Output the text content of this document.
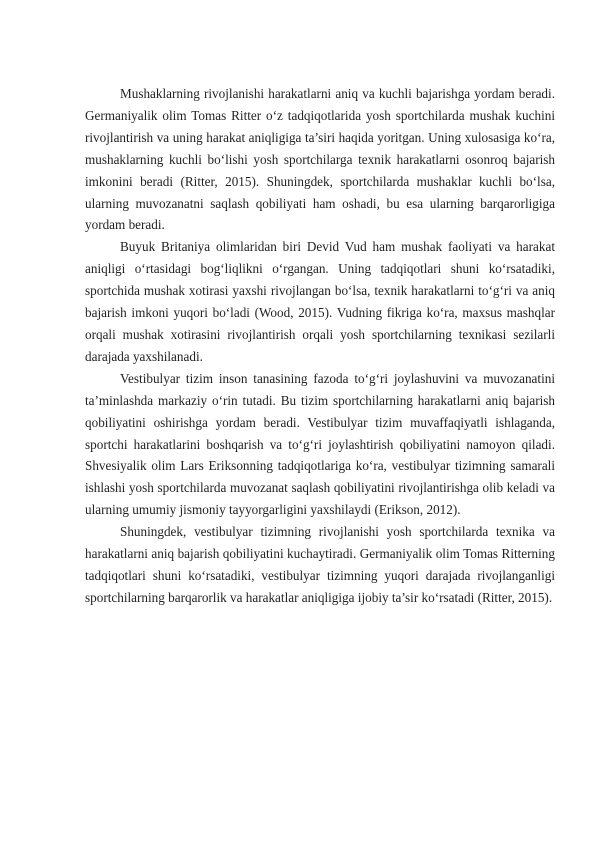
Mushaklarning rivojlanishi harakatlarni aniq va kuchli bajarishga yordam beradi. Germaniyalik olim Tomas Ritter o‘z tadqiqotlarida yosh sportchilarda mushak kuchini rivojlantirish va uning harakat aniqligiga ta’siri haqida yoritgan. Uning xulosasiga ko‘ra, mushaklarning kuchli bo‘lishi yosh sportchilarga texnik harakatlarni osonroq bajarish imkonini beradi (Ritter, 2015). Shuningdek, sportchilarda mushaklar kuchli bo‘lsa, ularning muvozanatni saqlash qobiliyati ham oshadi, bu esa ularning barqarorligiga yordam beradi.

Buyuk Britaniya olimlaridan biri Devid Vud ham mushak faoliyati va harakat aniqligi o‘rtasidagi bog‘liqlikni o‘rgangan. Uning tadqiqotlari shuni ko‘rsatadiki, sportchida mushak xotirasi yaxshi rivojlangan bo‘lsa, texnik harakatlarni to‘g‘ri va aniq bajarish imkoni yuqori bo‘ladi (Wood, 2015). Vudning fikriga ko‘ra, maxsus mashqlar orqali mushak xotirasini rivojlantirish orqali yosh sportchilarning texnikasi sezilarli darajada yaxshilanadi.

Vestibulyar tizim inson tanasining fazoda to‘g‘ri joylashuvini va muvozanatini ta’minlashda markaziy o‘rin tutadi. Bu tizim sportchilarning harakatlarni aniq bajarish qobiliyatini oshirishga yordam beradi. Vestibulyar tizim muvaffaqiyatli ishlaganda, sportchi harakatlarini boshqarish va to‘g‘ri joylashtirish qobiliyatini namoyon qiladi. Shvesiyalik olim Lars Eriksonning tadqiqotlariga ko‘ra, vestibulyar tizimning samarali ishlashi yosh sportchilarda muvozanat saqlash qobiliyatini rivojlantirishga olib keladi va ularning umumiy jismoniy tayyorgarligini yaxshilaydi (Erikson, 2012).

Shuningdek, vestibulyar tizimning rivojlanishi yosh sportchilarda texnika va harakatlarni aniq bajarish qobiliyatini kuchaytiradi. Germaniyalik olim Tomas Ritterning tadqiqotlari shuni ko‘rsatadiki, vestibulyar tizimning yuqori darajada rivojlanganligi sportchilarning barqarorlik va harakatlar aniqligiga ijobiy ta’sir ko‘rsatadi (Ritter, 2015).
